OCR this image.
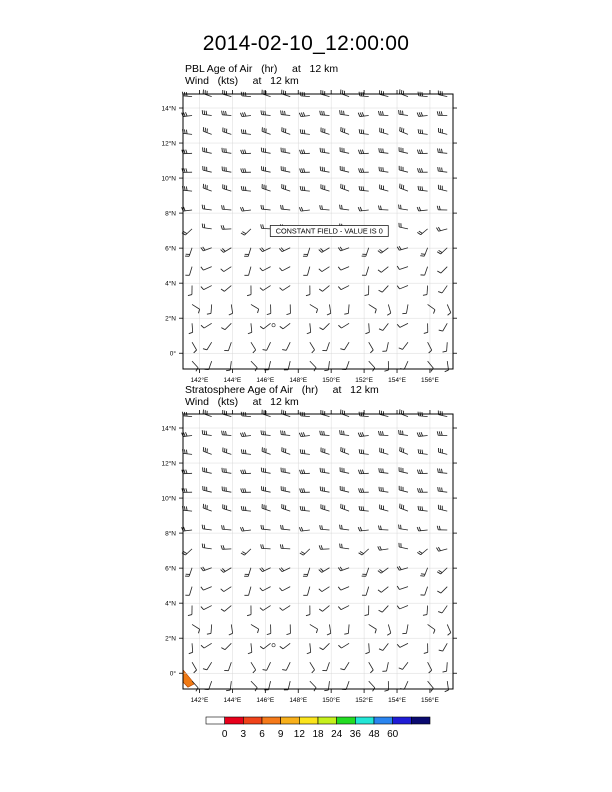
2014-02-10_12:00:00
PBL Age of Air   (hr)     at   12 km
Wind   (kts)     at   12 km
Stratosphere Age of Air   (hr)     at   12 km
Wind   (kts)     at   12 km
142°E 144°E 146°E 148°E 150°E 152°E 154°E 156°E
0°
2°N
4°N
6°N
8°N
10°N
12°N
14°N
CONSTANT FIELD - VALUE IS 0
142°E 144°E 146°E 148°E 150°E 152°E 154°E 156°E
0°
2°N
4°N
6°N
8°N
10°N
12°N
14°N
0 3 6 9 12 18 24 36 48 60
